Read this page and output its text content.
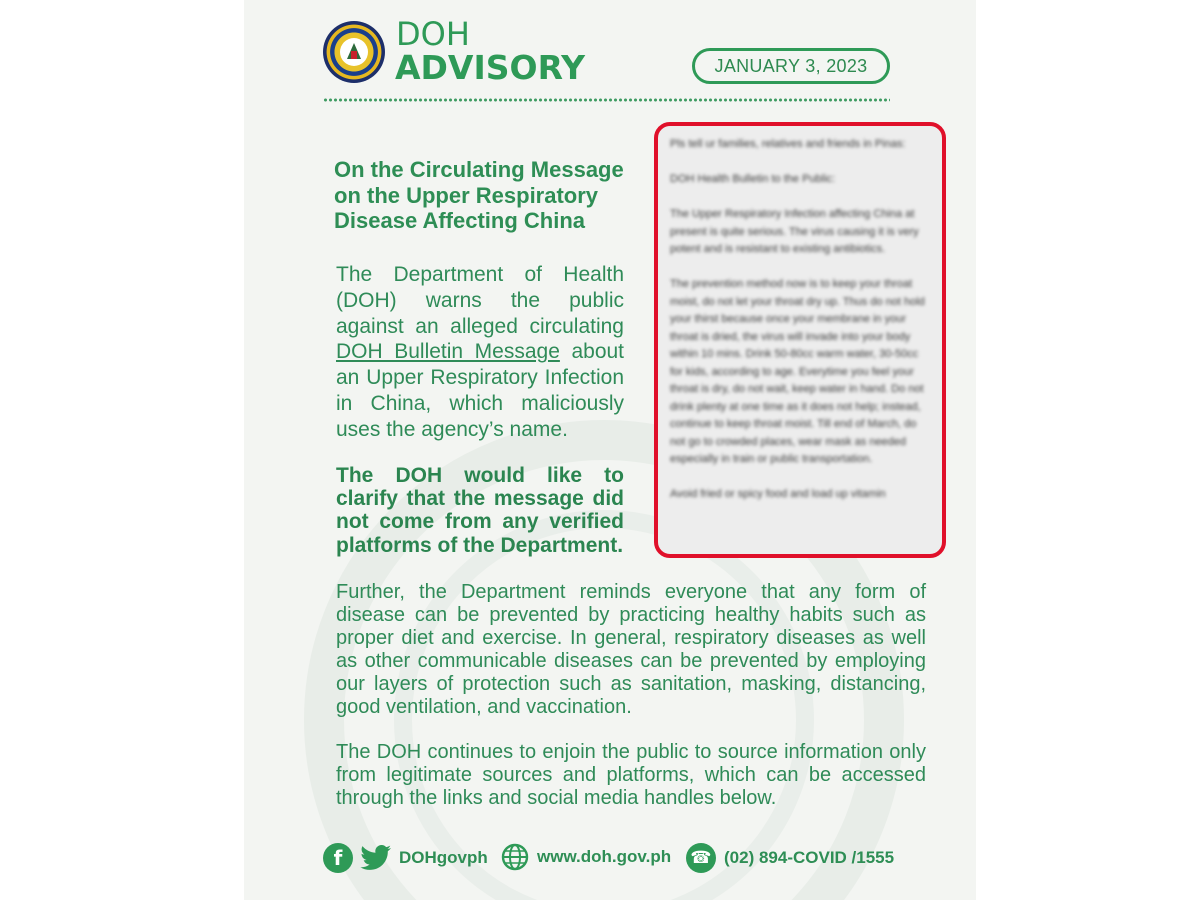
DOH
ADVISORY	JANUARY 3, 2023
On the Circulating Message on the Upper Respiratory Disease Affecting China
The Department of Health (DOH) warns the public against an alleged circulating DOH Bulletin Message about an Upper Respiratory Infection in China, which maliciously uses the agency’s name.
The DOH would like to clarify that the message did not come from any verified platforms of the Department.
Pls tell ur families, relatives and friends in Pinas:

DOH Health Bulletin to the Public:

The Upper Respiratory Infection affecting China at present is quite serious. The virus causing it is very potent and is resistant to existing antibiotics.

The prevention method now is to keep your throat moist, do not let your throat dry up. Thus do not hold your thirst because once your membrane in your throat is dried, the virus will invade into your body within 10 mins. Drink 50-80cc warm water, 30-50cc for kids, according to age. Everytime you feel your throat is dry, do not wait, keep water in hand. Do not drink plenty at one time as it does not help; instead, continue to keep throat moist. Till end of March, do not go to crowded places, wear mask as needed especially in train or public transportation.

Avoid fried or spicy food and load up vitamin
Further, the Department reminds everyone that any form of disease can be prevented by practicing healthy habits such as proper diet and exercise. In general, respiratory diseases as well as other communicable diseases can be prevented by employing our layers of protection such as sanitation, masking, distancing, good ventilation, and vaccination.
The DOH continues to enjoin the public to source information only from legitimate sources and platforms, which can be accessed through the links and social media handles below.
f	DOHgovph	www.doh.gov.ph ☎ (02) 894-COVID /1555
